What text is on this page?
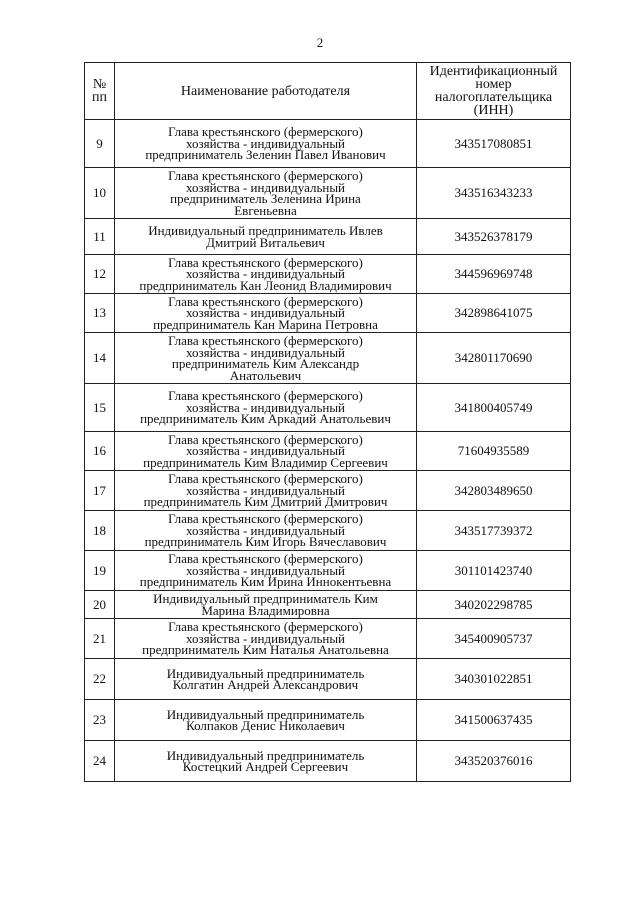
2
№
пп	Наименование работодателя	Идентификационный
номер
налогоплательщика
(ИНН)
9	Глава крестьянского (фермерского)
хозяйства - индивидуальный
предприниматель Зеленин Павел Иванович	343517080851
10	Глава крестьянского (фермерского)
хозяйства - индивидуальный
предприниматель Зеленина Ирина
Евгеньевна	343516343233
11	Индивидуальный предприниматель Ивлев
Дмитрий Витальевич	343526378179
12	Глава крестьянского (фермерского)
хозяйства - индивидуальный
предприниматель Кан Леонид Владимирович	344596969748
13	Глава крестьянского (фермерского)
хозяйства - индивидуальный
предприниматель Кан Марина Петровна	342898641075
14	Глава крестьянского (фермерского)
хозяйства - индивидуальный
предприниматель Ким Александр
Анатольевич	342801170690
15	Глава крестьянского (фермерского)
хозяйства - индивидуальный
предприниматель Ким Аркадий Анатольевич	341800405749
16	Глава крестьянского (фермерского)
хозяйства - индивидуальный
предприниматель Ким Владимир Сергеевич	71604935589
17	Глава крестьянского (фермерского)
хозяйства - индивидуальный
предприниматель Ким Дмитрий Дмитрович	342803489650
18	Глава крестьянского (фермерского)
хозяйства - индивидуальный
предприниматель Ким Игорь Вячеславович	343517739372
19	Глава крестьянского (фермерского)
хозяйства - индивидуальный
предприниматель Ким Ирина Иннокентьевна	301101423740
20	Индивидуальный предприниматель Ким
Марина Владимировна	340202298785
21	Глава крестьянского (фермерского)
хозяйства - индивидуальный
предприниматель Ким Наталья Анатольевна	345400905737
22	Индивидуальный предприниматель
Колгатин Андрей Александрович	340301022851
23	Индивидуальный предприниматель
Колпаков Денис Николаевич	341500637435
24	Индивидуальный предприниматель
Костецкий Андрей Сергеевич	343520376016
